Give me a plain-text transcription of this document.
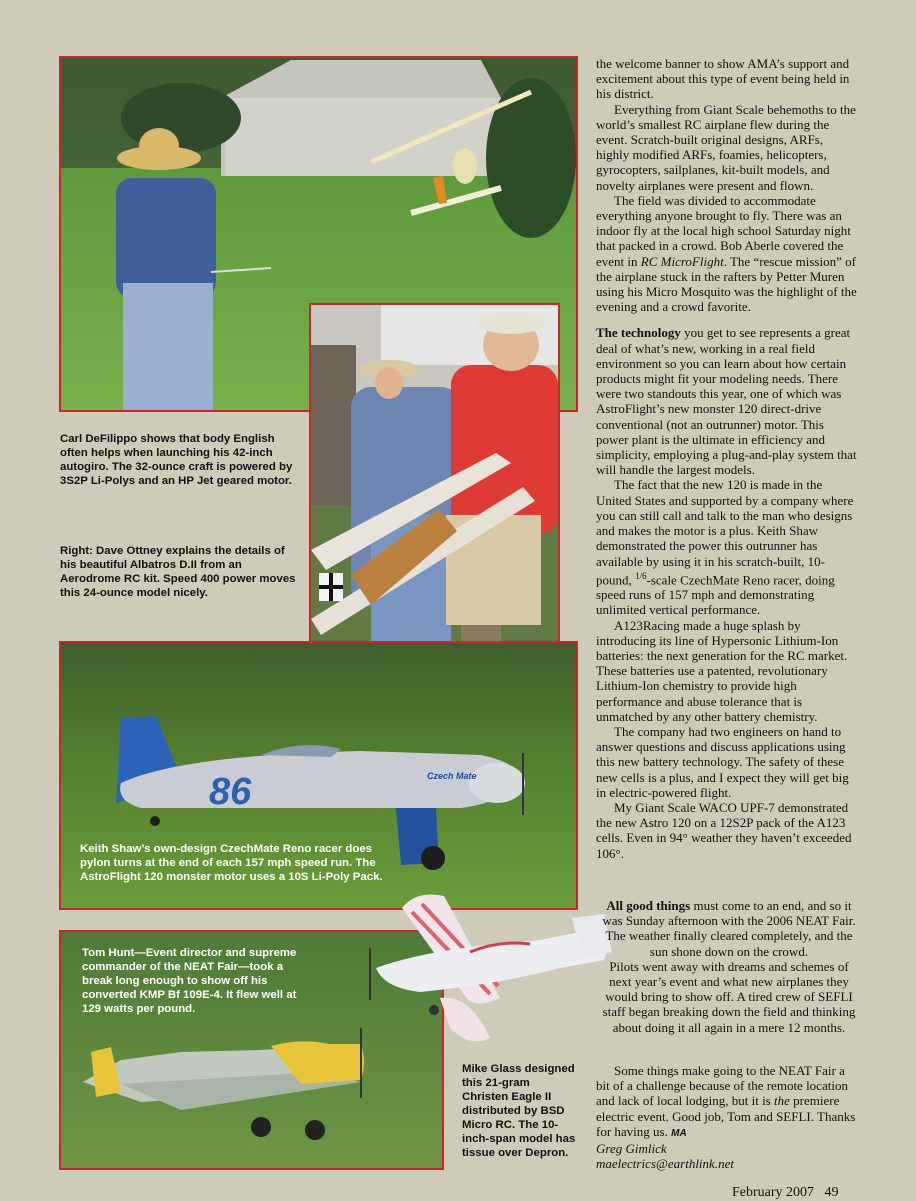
86	Czech Mate

Carl DeFilippo shows that body English often helps when launching his 42-inch autogiro. The 32-ounce craft is powered by 3S2P Li-Polys and an HP Jet geared motor.

Right: Dave Ottney explains the details of his beautiful Albatros D.II from an Aerodrome RC kit. Speed 400 power moves this 24-ounce model nicely.

Keith Shaw’s own-design CzechMate Reno racer does pylon turns at the end of each 157 mph speed run. The AstroFlight 120 monster motor uses a 10S Li-Poly Pack.

Tom Hunt—Event director and supreme commander of the NEAT Fair—took a break long enough to show off his converted KMP Bf 109E-4. It flew well at 129 watts per pound.

Mike Glass designed this 21-gram Christen Eagle II distributed by BSD Micro RC. The 10-inch-span model has tissue over Depron.

the welcome banner to show AMA’s support and excitement about this type of event being held in his district.

Everything from Giant Scale behemoths to the world’s smallest RC airplane flew during the event. Scratch-built original designs, ARFs, highly modified ARFs, foamies, helicopters, gyrocopters, sailplanes, kit-built models, and novelty airplanes were present and flown.

The field was divided to accommodate everything anyone brought to fly. There was an indoor fly at the local high school Saturday night that packed in a crowd. Bob Aberle covered the event in RC MicroFlight. The “rescue mission” of the airplane stuck in the rafters by Petter Muren using his Micro Mosquito was the highlight of the evening and a crowd favorite.

The technology you get to see represents a great deal of what’s new, working in a real field environment so you can learn about how certain products might fit your modeling needs. There were two standouts this year, one of which was AstroFlight’s new monster 120 direct-drive conventional (not an outrunner) motor. This power plant is the ultimate in efficiency and simplicity, employing a plug-and-play system that will handle the largest models.

The fact that the new 120 is made in the United States and supported by a company where you can still call and talk to the man who designs and makes the motor is a plus. Keith Shaw demonstrated the power this outrunner has available by using it in his scratch-built, 10-pound, $^{1/6}$-scale CzechMate Reno racer, doing speed runs of 157 mph and demonstrating unlimited vertical performance.

A123Racing made a huge splash by introducing its line of Hypersonic Lithium-Ion batteries: the next generation for the RC market. These batteries use a patented, revolutionary Lithium-Ion chemistry to provide high performance and abuse tolerance that is unmatched by any other battery chemistry.

The company had two engineers on hand to answer questions and discuss applications using this new battery technology. The safety of these new cells is a plus, and I expect they will get big in electric-powered flight.

My Giant Scale WACO UPF-7 demonstrated the new Astro 120 on a 12S2P pack of the A123 cells. Even in 94° weather they haven’t exceeded 106°.

All good things must come to an end, and so it was Sunday afternoon with the 2006 NEAT Fair. The weather finally cleared completely, and the sun shone down on the crowd.

Pilots went away with dreams and schemes of next year’s event and what new airplanes they would bring to show off. A tired crew of SEFLI staff began breaking down the field and thinking about doing it all again in a mere 12 months.

Some things make going to the NEAT Fair a bit of a challenge because of the remote location and lack of local lodging, but it is the premiere electric event. Good job, Tom and SEFLI. Thanks for having us. MA

Greg Gimlick

maelectrics@earthlink.net

February 2007   49
